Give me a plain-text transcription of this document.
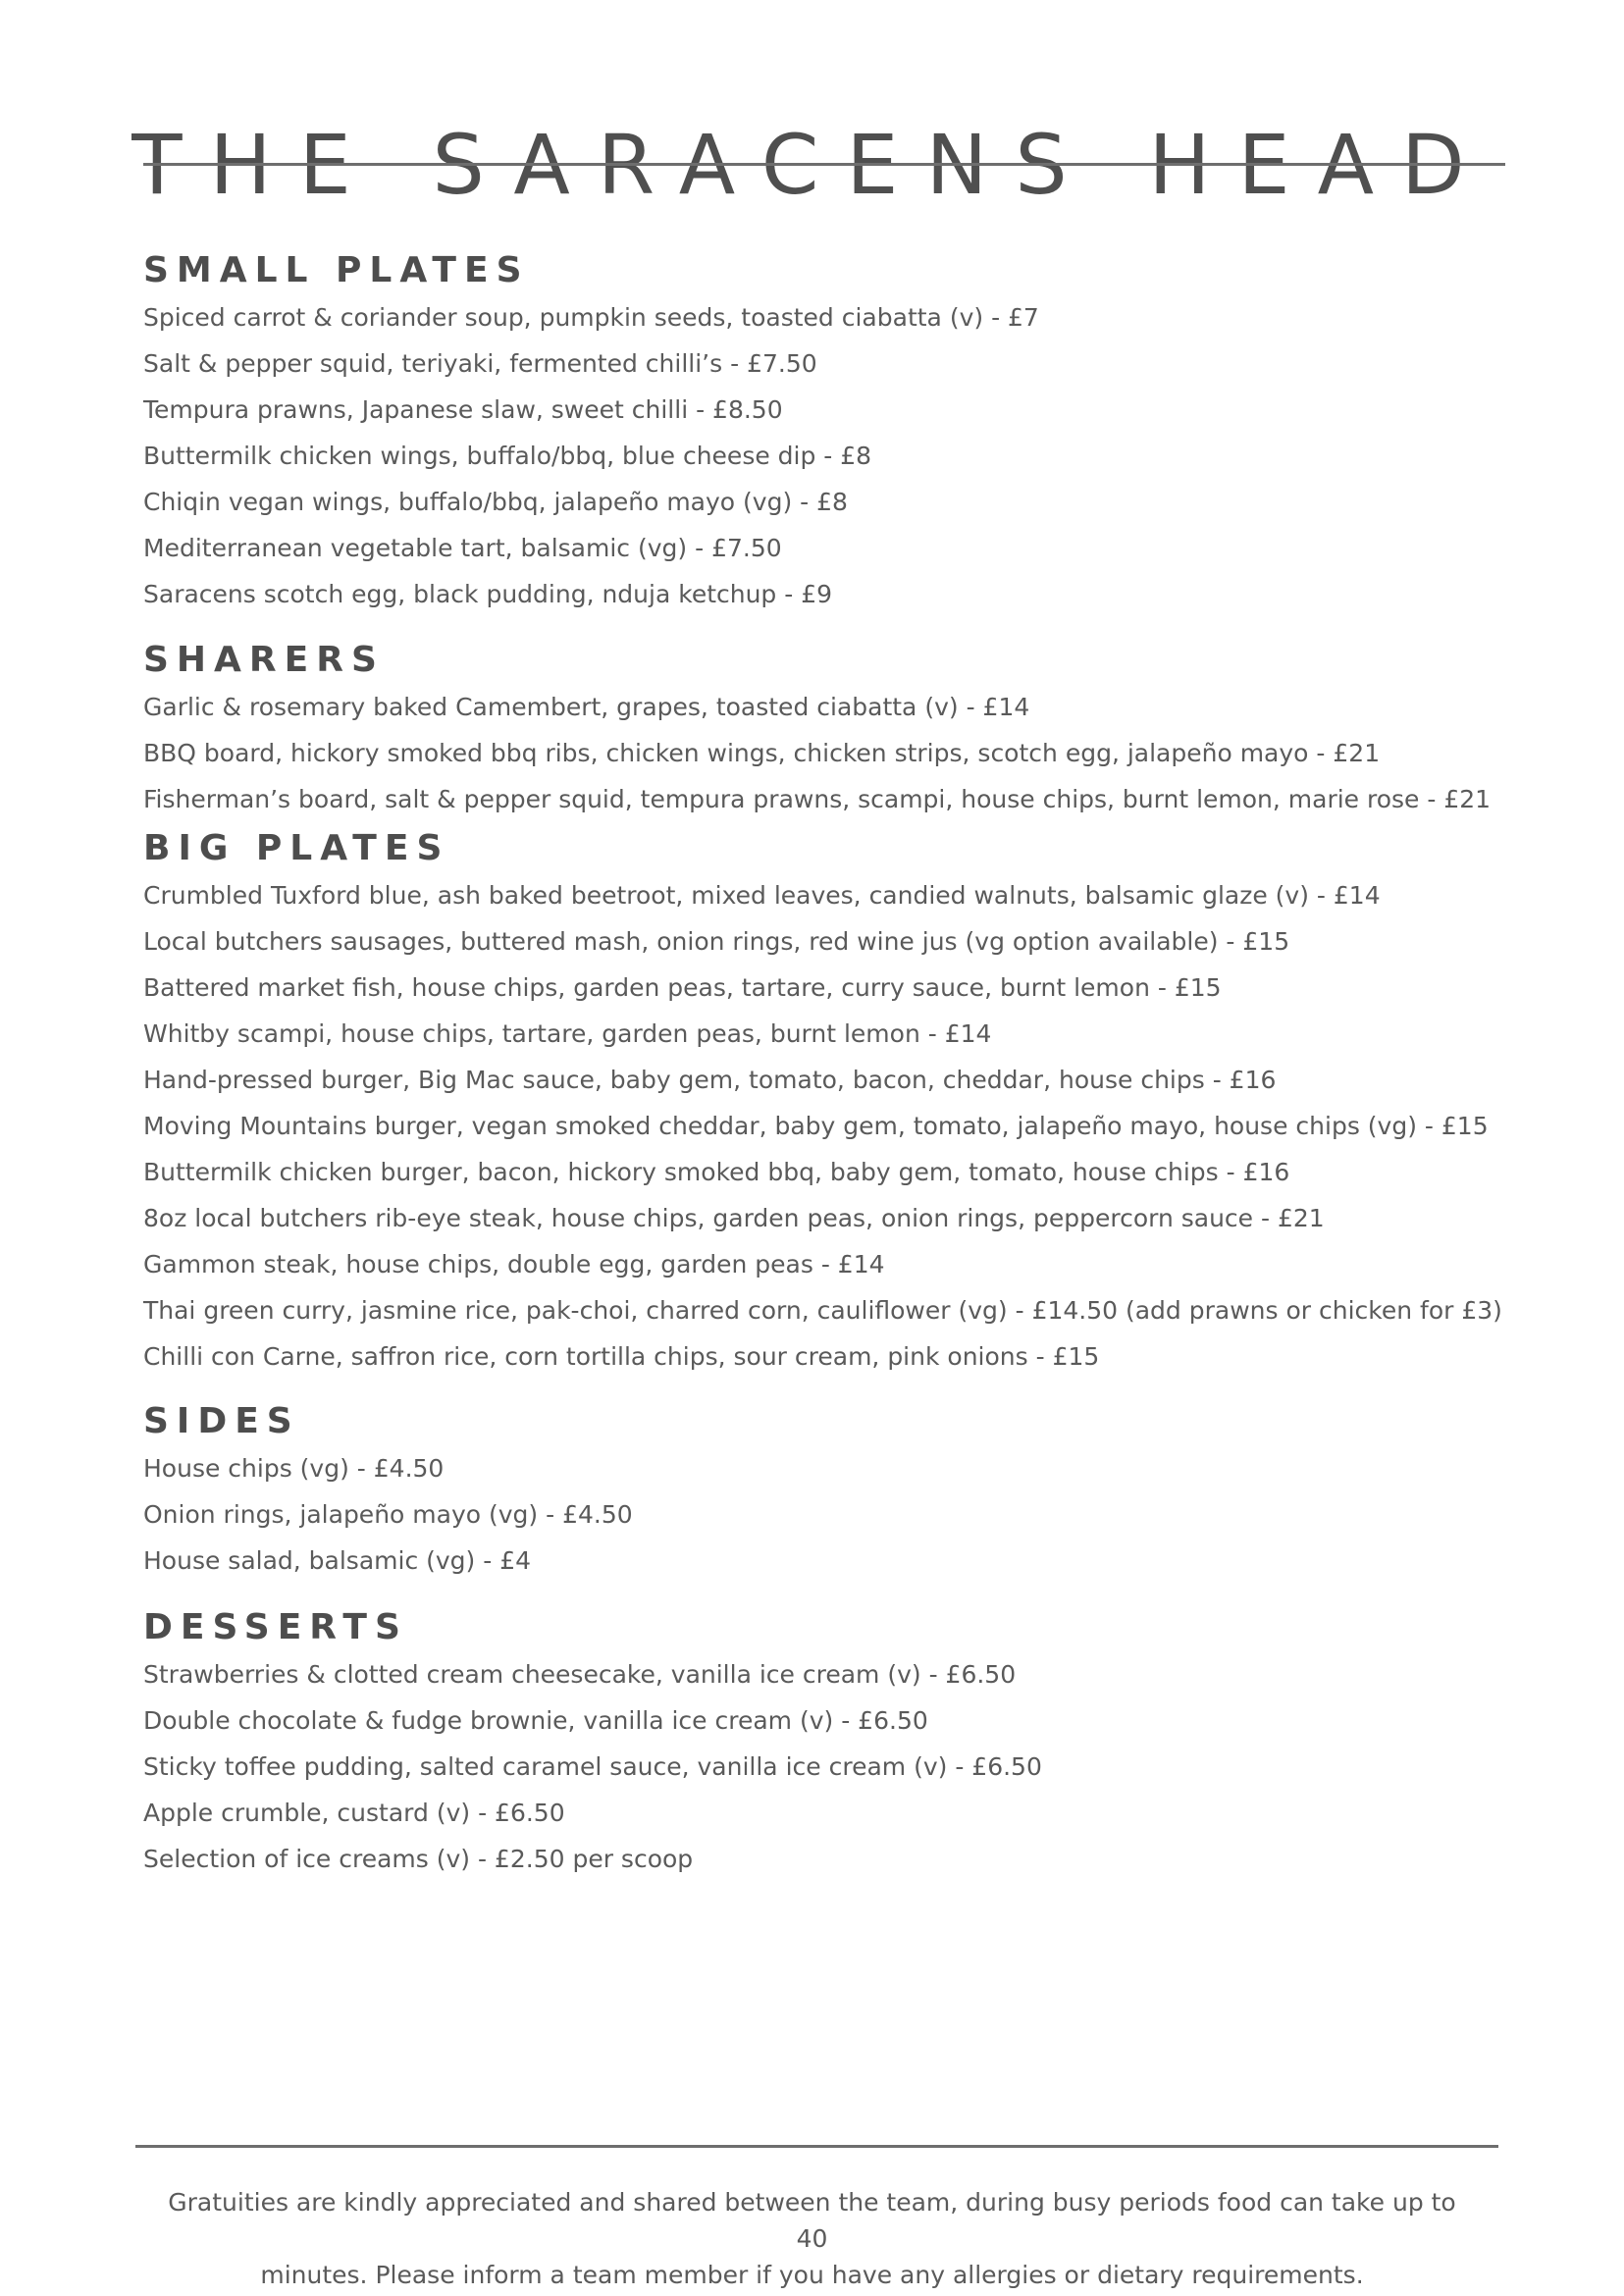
THE SARACENS HEAD
SMALL PLATES
Spiced carrot & coriander soup, pumpkin seeds, toasted ciabatta (v) - £7
Salt & pepper squid, teriyaki, fermented chilli’s - £7.50
Tempura prawns, Japanese slaw, sweet chilli - £8.50
Buttermilk chicken wings, buffalo/bbq, blue cheese dip - £8
Chiqin vegan wings, buffalo/bbq, jalapeño mayo (vg) - £8
Mediterranean vegetable tart, balsamic (vg) - £7.50
Saracens scotch egg, black pudding, nduja ketchup - £9
SHARERS
Garlic & rosemary baked Camembert, grapes, toasted ciabatta (v) - £14
BBQ board, hickory smoked bbq ribs, chicken wings, chicken strips, scotch egg, jalapeño mayo - £21
Fisherman’s board, salt & pepper squid, tempura prawns, scampi, house chips, burnt lemon, marie rose - £21
BIG PLATES
Crumbled Tuxford blue, ash baked beetroot, mixed leaves, candied walnuts, balsamic glaze (v) - £14
Local butchers sausages, buttered mash, onion rings, red wine jus (vg option available) - £15
Battered market fish, house chips, garden peas, tartare, curry sauce, burnt lemon - £15
Whitby scampi, house chips, tartare, garden peas, burnt lemon - £14
Hand-pressed burger, Big Mac sauce, baby gem, tomato, bacon, cheddar, house chips - £16
Moving Mountains burger, vegan smoked cheddar, baby gem, tomato, jalapeño mayo, house chips (vg) - £15
Buttermilk chicken burger, bacon, hickory smoked bbq, baby gem, tomato, house chips - £16
8oz local butchers rib-eye steak, house chips, garden peas, onion rings, peppercorn sauce - £21
Gammon steak, house chips, double egg, garden peas - £14
Thai green curry, jasmine rice, pak-choi, charred corn, cauliflower (vg) - £14.50 (add prawns or chicken for £3)
Chilli con Carne, saffron rice, corn tortilla chips, sour cream, pink onions - £15
SIDES
House chips (vg) - £4.50
Onion rings, jalapeño mayo (vg) - £4.50
House salad, balsamic (vg) - £4
DESSERTS
Strawberries & clotted cream cheesecake, vanilla ice cream (v) - £6.50
Double chocolate & fudge brownie, vanilla ice cream (v) - £6.50
Sticky toffee pudding, salted caramel sauce, vanilla ice cream (v) - £6.50
Apple crumble, custard (v) - £6.50
Selection of ice creams (v) - £2.50 per scoop
Gratuities are kindly appreciated and shared between the team, during busy periods food can take up to 40
minutes. Please inform a team member if you have any allergies or dietary requirements.
